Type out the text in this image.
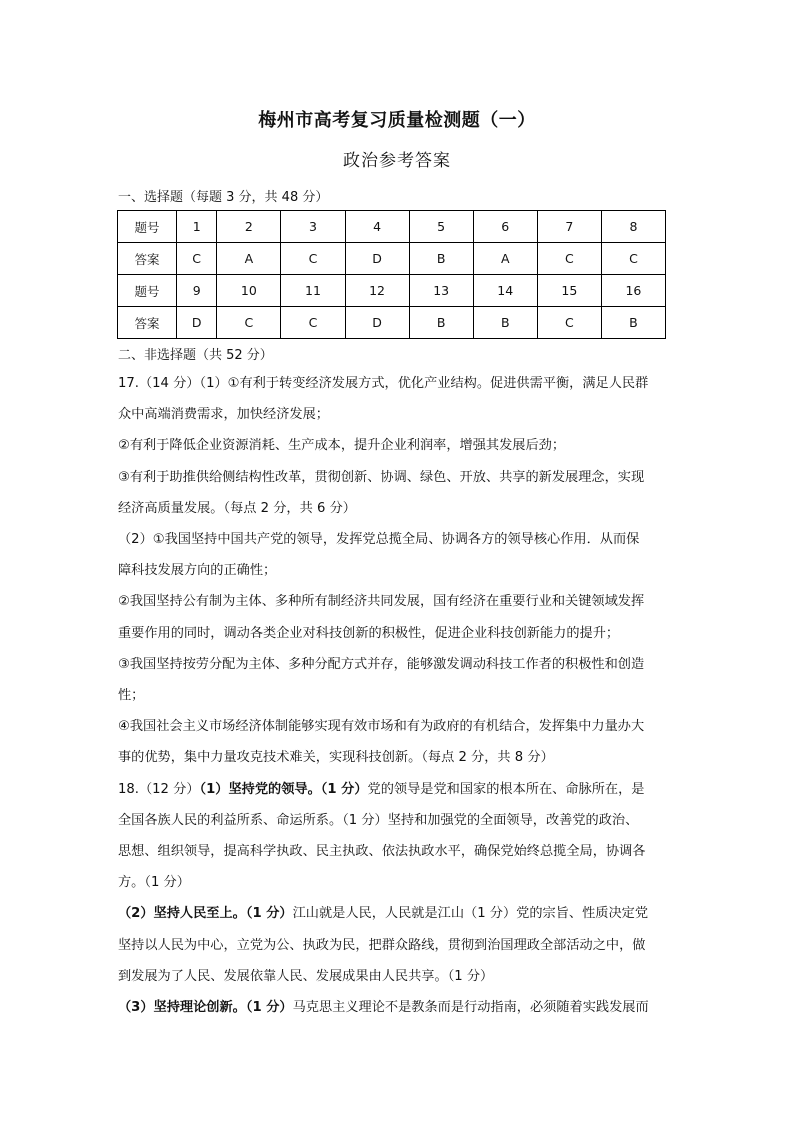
梅州市高考复习质量检测题（一）
政治参考答案
一、选择题（每题 3 分，共 48 分）
题号	1	2	3	4	5	6	7	8
答案	C	A	C	D	B	A	C	C
题号	9	10	11	12	13	14	15	16
答案	D	C	C	D	B	B	C	B
二、非选择题（共 52 分）

17.（14 分）（1）①有利于转变经济发展方式，优化产业结构。促进供需平衡，满足人民群

众中高端消费需求，加快经济发展；

②有利于降低企业资源消耗、生产成本，提升企业利润率，增强其发展后劲；

③有利于助推供给侧结构性改革，贯彻创新、协调、绿色、开放、共享的新发展理念，实现

经济高质量发展。（每点 2 分，共 6 分）

（2）①我国坚持中国共产党的领导，发挥党总揽全局、协调各方的领导核心作用．从而保

障科技发展方向的正确性；

②我国坚持公有制为主体、多种所有制经济共同发展，国有经济在重要行业和关键领域发挥

重要作用的同时，调动各类企业对科技创新的积极性，促进企业科技创新能力的提升；

③我国坚持按劳分配为主体、多种分配方式并存，能够激发调动科技工作者的积极性和创造

性；

④我国社会主义市场经济体制能够实现有效市场和有为政府的有机结合，发挥集中力量办大

事的优势，集中力量攻克技术难关，实现科技创新。（每点 2 分，共 8 分）

18.（12 分）（1）坚持党的领导。（1 分）党的领导是党和国家的根本所在、命脉所在，是

全国各族人民的利益所系、命运所系。（1 分）坚持和加强党的全面领导，改善党的政治、

思想、组织领导，提高科学执政、民主执政、依法执政水平，确保党始终总揽全局，协调各

方。（1 分）

（2）坚持人民至上。（1 分）江山就是人民，人民就是江山（1 分）党的宗旨、性质决定党

坚持以人民为中心，立党为公、执政为民，把群众路线，贯彻到治国理政全部活动之中，做

到发展为了人民、发展依靠人民、发展成果由人民共享。（1 分）

（3）坚持理论创新。（1 分）马克思主义理论不是教条而是行动指南，必须随着实践发展而
